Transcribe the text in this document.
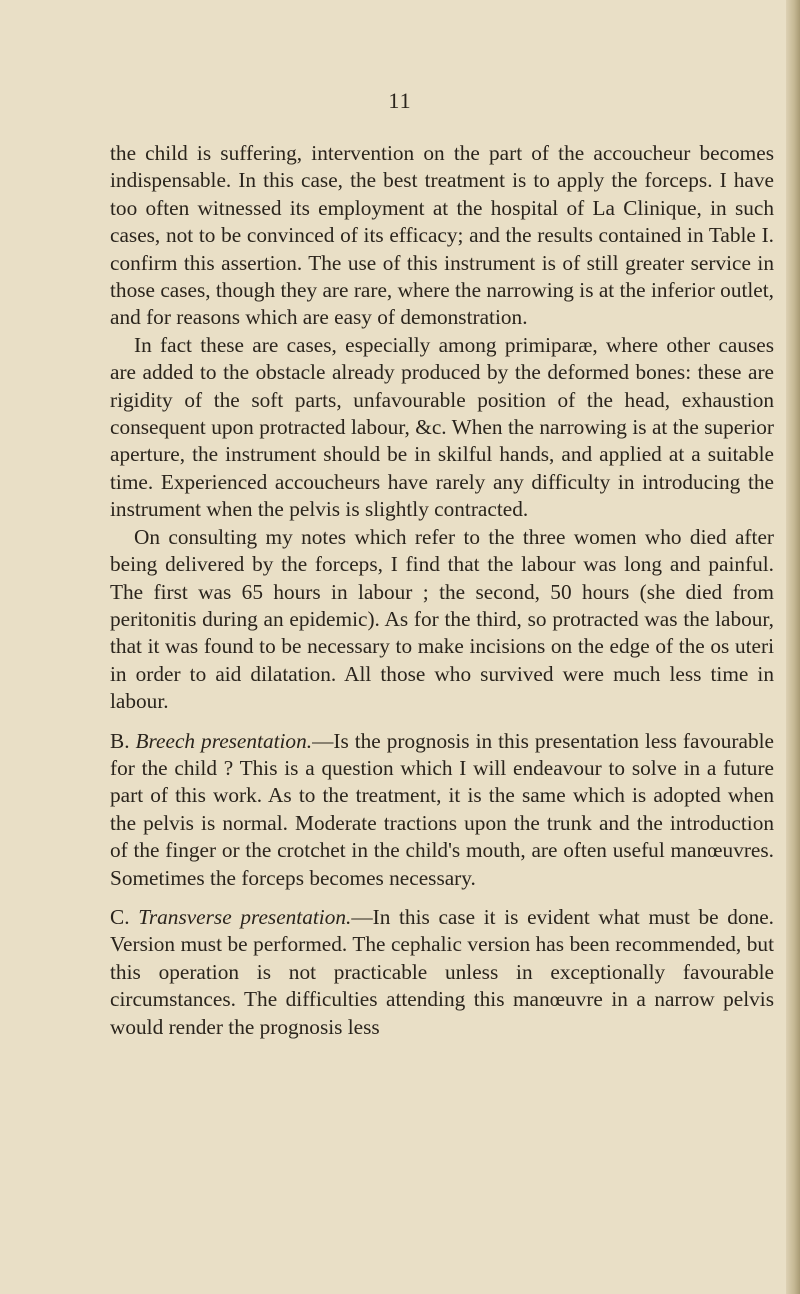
11

the child is suffering, intervention on the part of the accoucheur becomes indispensable. In this case, the best treatment is to apply the forceps. I have too often witnessed its employment at the hospital of La Clinique, in such cases, not to be convinced of its efficacy; and the results contained in Table I. confirm this assertion. The use of this instrument is of still greater service in those cases, though they are rare, where the narrowing is at the inferior outlet, and for reasons which are easy of demonstration.

In fact these are cases, especially among primiparæ, where other causes are added to the obstacle already produced by the deformed bones: these are rigidity of the soft parts, unfavourable position of the head, exhaustion consequent upon protracted labour, &c. When the narrowing is at the superior aperture, the instrument should be in skilful hands, and applied at a suitable time. Experienced accoucheurs have rarely any difficulty in introducing the instrument when the pelvis is slightly contracted.

On consulting my notes which refer to the three women who died after being delivered by the forceps, I find that the labour was long and painful. The first was 65 hours in labour ; the second, 50 hours (she died from peritonitis during an epidemic). As for the third, so protracted was the labour, that it was found to be necessary to make incisions on the edge of the os uteri in order to aid dilatation. All those who survived were much less time in labour.

B. Breech presentation.—Is the prognosis in this presentation less favourable for the child ? This is a question which I will endeavour to solve in a future part of this work. As to the treatment, it is the same which is adopted when the pelvis is normal. Moderate tractions upon the trunk and the introduction of the finger or the crotchet in the child's mouth, are often useful manœuvres. Sometimes the forceps becomes necessary.

C. Transverse presentation.—In this case it is evident what must be done. Version must be performed. The cephalic version has been recommended, but this operation is not practicable unless in exceptionally favourable circumstances. The difficulties attending this manœuvre in a narrow pelvis would render the prognosis less
